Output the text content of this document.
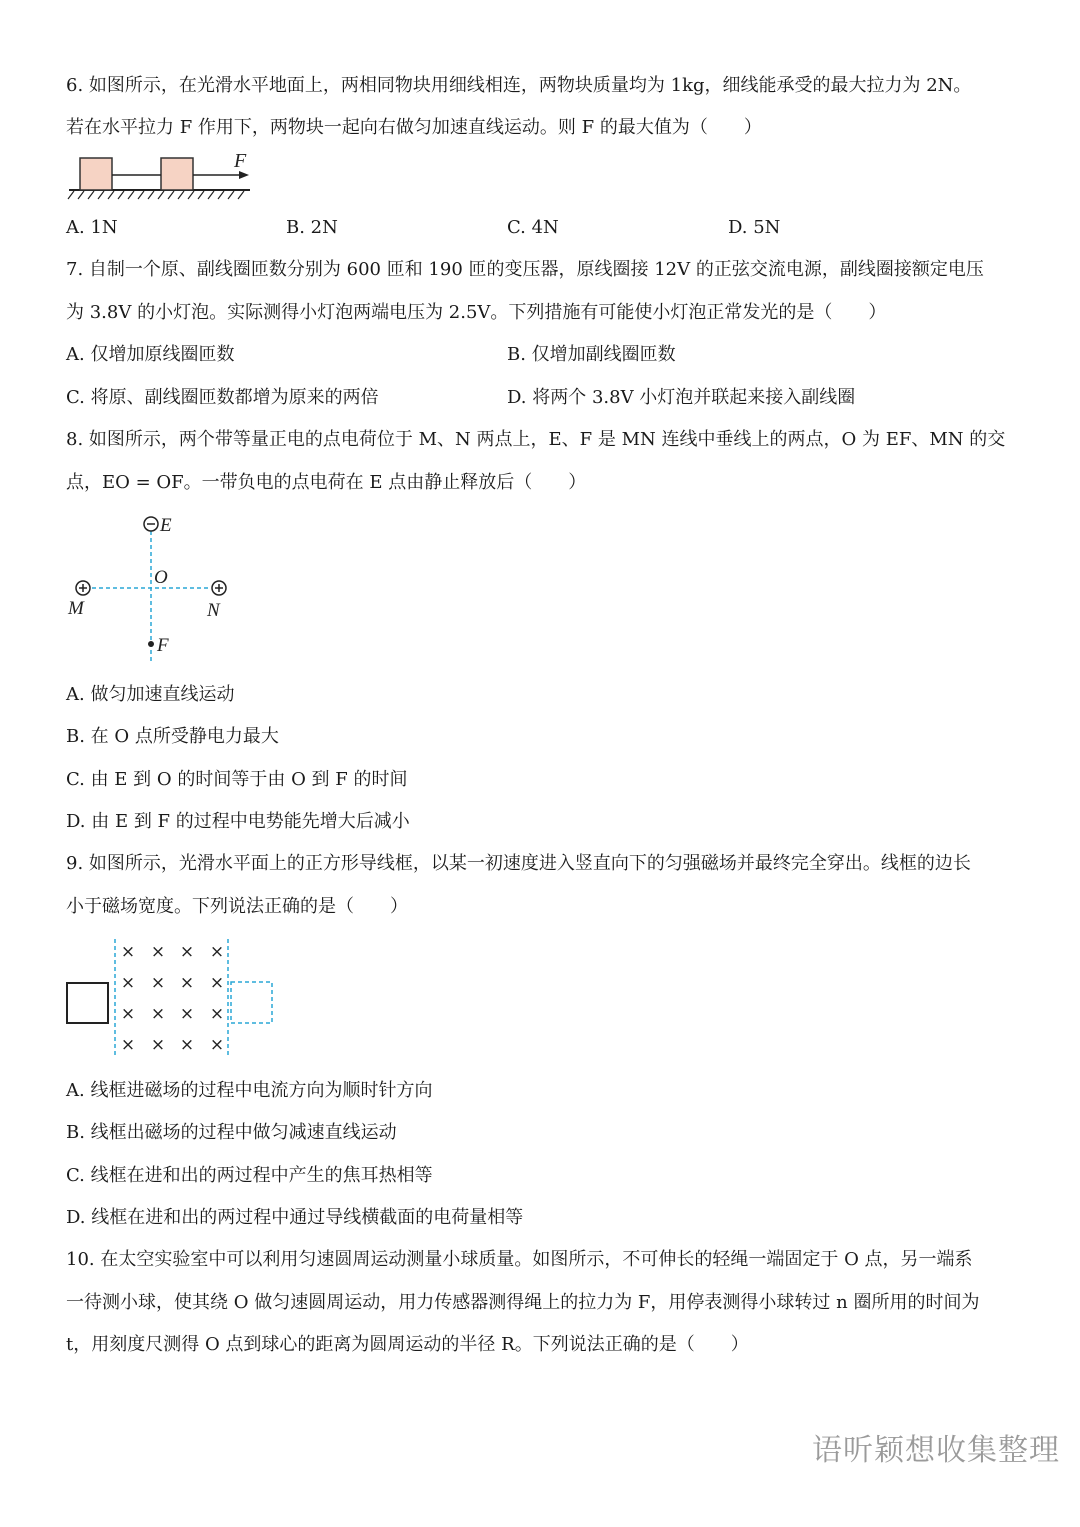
6. 如图所示，在光滑水平地面上，两相同物块用细线相连，两物块质量均为 1kg，细线能承受的最大拉力为 2N。
若在水平拉力 F 作用下，两物块一起向右做匀加速直线运动。则 F 的最大值为（　　）
F
A. 1N	B. 2N	C. 4N	D. 5N
7. 自制一个原、副线圈匝数分别为 600 匝和 190 匝的变压器，原线圈接 12V 的正弦交流电源，副线圈接额定电压
为 3.8V 的小灯泡。实际测得小灯泡两端电压为 2.5V。下列措施有可能使小灯泡正常发光的是（　　）
A. 仅增加原线圈匝数	B. 仅增加副线圈匝数
C. 将原、副线圈匝数都增为原来的两倍	D. 将两个 3.8V 小灯泡并联起来接入副线圈
8. 如图所示，两个带等量正电的点电荷位于 M、N 两点上，E、F 是 MN 连线中垂线上的两点，O 为 EF、MN 的交
点，EO = OF。一带负电的点电荷在 E 点由静止释放后（　　）
E
O
M	N
F
A. 做匀加速直线运动
B. 在 O 点所受静电力最大
C. 由 E 到 O 的时间等于由 O 到 F 的时间
D. 由 E 到 F 的过程中电势能先增大后减小
9. 如图所示，光滑水平面上的正方形导线框，以某一初速度进入竖直向下的匀强磁场并最终完全穿出。线框的边长
小于磁场宽度。下列说法正确的是（　　）
× × × ×
× × × ×
× × × ×
× × × ×
A. 线框进磁场的过程中电流方向为顺时针方向
B. 线框出磁场的过程中做匀减速直线运动
C. 线框在进和出的两过程中产生的焦耳热相等
D. 线框在进和出的两过程中通过导线横截面的电荷量相等
10. 在太空实验室中可以利用匀速圆周运动测量小球质量。如图所示，不可伸长的轻绳一端固定于 O 点，另一端系
一待测小球，使其绕 O 做匀速圆周运动，用力传感器测得绳上的拉力为 F，用停表测得小球转过 n 圈所用的时间为
t，用刻度尺测得 O 点到球心的距离为圆周运动的半径 R。下列说法正确的是（　　）
语听颖想收集整理
